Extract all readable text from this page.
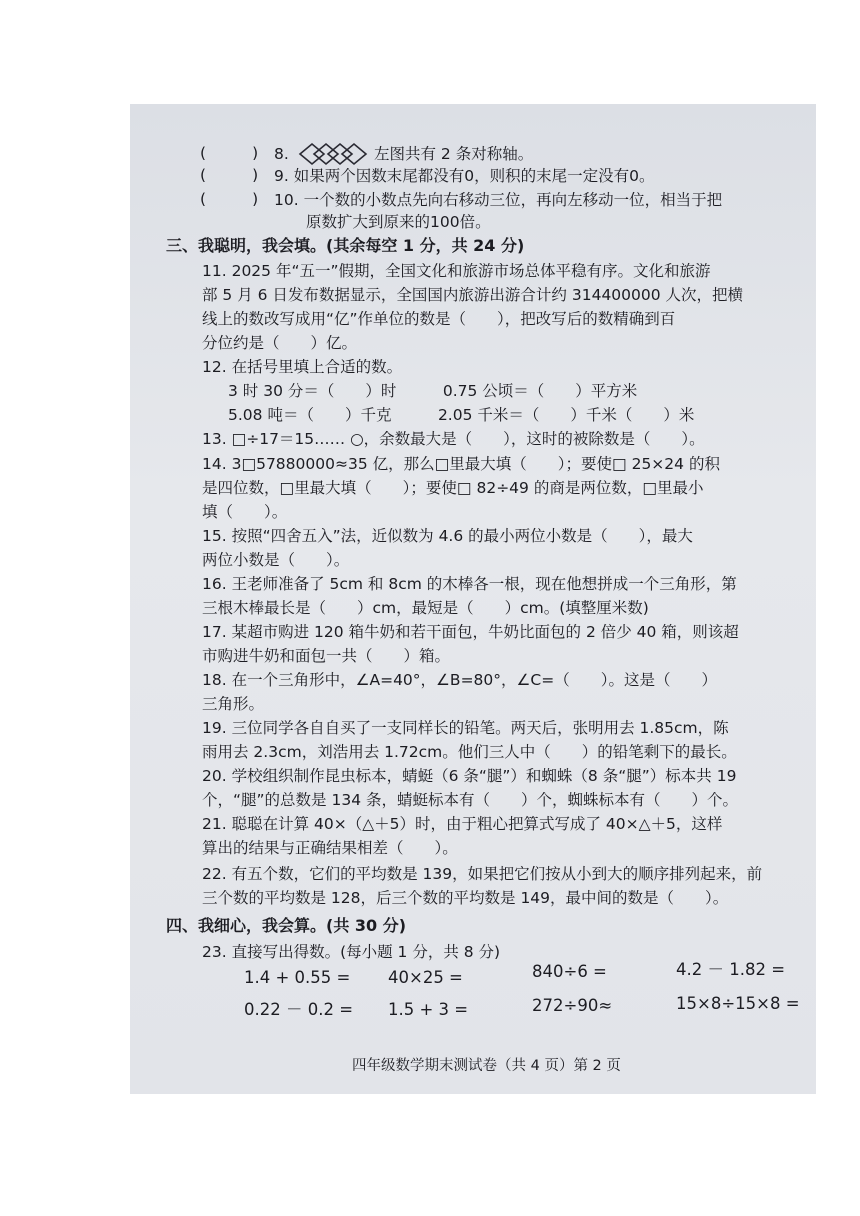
(	) 8.	左图共有 2 条对称轴。
(	) 9. 如果两个因数末尾都没有0，则积的末尾一定没有0。
(	) 10. 一个数的小数点先向右移动三位，再向左移动一位，相当于把
原数扩大到原来的100倍。
三、我聪明，我会填。(其余每空 1 分，共 24 分)
11. 2025 年“五一”假期，全国文化和旅游市场总体平稳有序。文化和旅游
部 5 月 6 日发布数据显示，全国国内旅游出游合计约 314400000 人次，把横
线上的数改写成用“亿”作单位的数是（　　），把改写后的数精确到百
分位约是（　　）亿。
12. 在括号里填上合适的数。
3 时 30 分＝（　　）时　　　0.75 公顷＝（　　）平方米
5.08 吨＝（　　）千克　　　2.05 千米＝（　　）千米（　　）米
13. □÷17＝15…… ○，余数最大是（　　），这时的被除数是（　　）。
14. 3□57880000≈35 亿，那么□里最大填（　　）；要使□ 25×24 的积
是四位数，□里最大填（　　）；要使□ 82÷49 的商是两位数，□里最小
填（　　）。
15. 按照“四舍五入”法，近似数为 4.6 的最小两位小数是（　　），最大
两位小数是（　　）。
16. 王老师准备了 5cm 和 8cm 的木棒各一根，现在他想拼成一个三角形，第
三根木棒最长是（　　）cm，最短是（　　）cm。(填整厘米数)
17. 某超市购进 120 箱牛奶和若干面包，牛奶比面包的 2 倍少 40 箱，则该超
市购进牛奶和面包一共（　　）箱。
18. 在一个三角形中，∠A=40°，∠B=80°，∠C=（　　）。这是（　　）
三角形。
19. 三位同学各自自买了一支同样长的铅笔。两天后，张明用去 1.85cm，陈
雨用去 2.3cm，刘浩用去 1.72cm。他们三人中（　　）的铅笔剩下的最长。
20. 学校组织制作昆虫标本，蜻蜓（6 条“腿”）和蜘蛛（8 条“腿”）标本共 19
个，“腿”的总数是 134 条，蜻蜓标本有（　　）个，蜘蛛标本有（　　）个。
21. 聪聪在计算 40×（△＋5）时，由于粗心把算式写成了 40×△＋5，这样
算出的结果与正确结果相差（　　）。
22. 有五个数，它们的平均数是 139，如果把它们按从小到大的顺序排列起来，前
三个数的平均数是 128，后三个数的平均数是 149，最中间的数是（　　）。
四、我细心，我会算。(共 30 分)
23. 直接写出得数。(每小题 1 分，共 8 分)
1.4 + 0.55 = 40×25 =	840÷6 =	4.2 － 1.82 =
0.22 － 0.2 = 1.5 + 3 =	272÷90≈	15×8÷15×8 =
四年级数学期末测试卷（共 4 页）第 2 页
